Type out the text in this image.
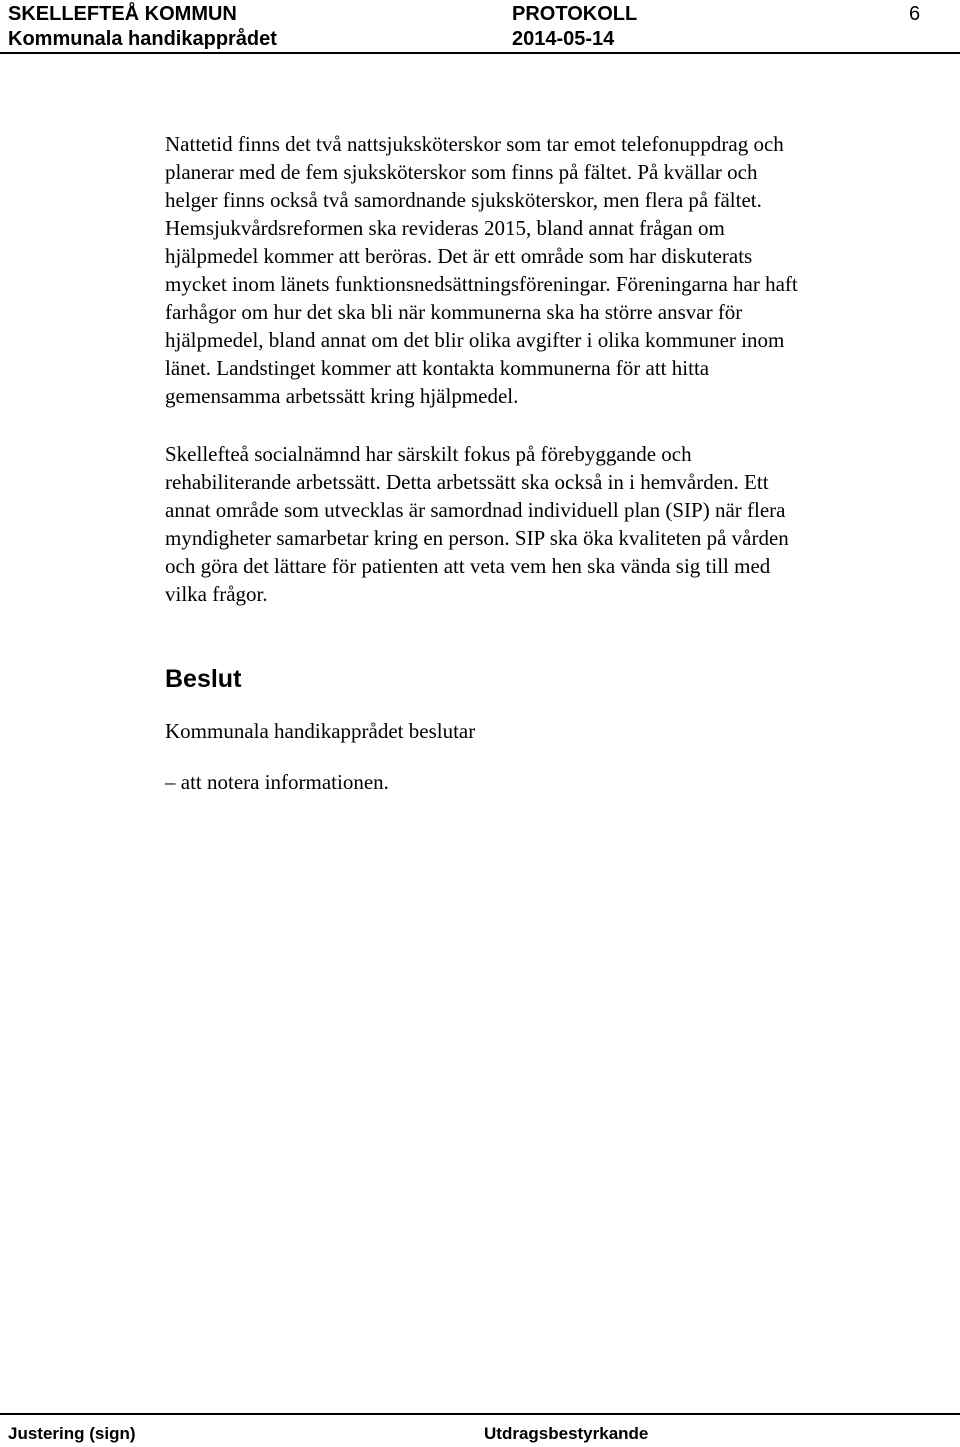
SKELLEFTEÅ KOMMUN
Kommunala handikapprådet
PROTOKOLL
2014-05-14
6

Nattetid finns det två nattsjuksköterskor som tar emot telefonuppdrag och
planerar med de fem sjuksköterskor som finns på fältet. På kvällar och
helger finns också två samordnande sjuksköterskor, men flera på fältet.
Hemsjukvårdsreformen ska revideras 2015, bland annat frågan om
hjälpmedel kommer att beröras. Det är ett område som har diskuterats
mycket inom länets funktionsnedsättningsföreningar. Föreningarna har haft
farhågor om hur det ska bli när kommunerna ska ha större ansvar för
hjälpmedel, bland annat om det blir olika avgifter i olika kommuner inom
länet. Landstinget kommer att kontakta kommunerna för att hitta
gemensamma arbetssätt kring hjälpmedel.

Skellefteå socialnämnd har särskilt fokus på förebyggande och
rehabiliterande arbetssätt. Detta arbetssätt ska också in i hemvården. Ett
annat område som utvecklas är samordnad individuell plan (SIP) när flera
myndigheter samarbetar kring en person. SIP ska öka kvaliteten på vården
och göra det lättare för patienten att veta vem hen ska vända sig till med
vilka frågor.

Beslut

Kommunala handikapprådet beslutar

– att notera informationen.

Justering (sign)	Utdragsbestyrkande
